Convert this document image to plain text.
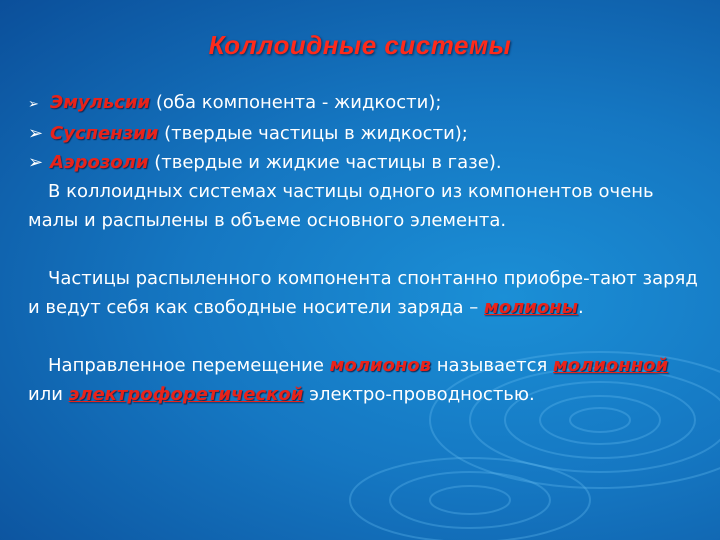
Коллоидные системы
➢ Эмульсии (оба компонента - жидкости);
➢ Суспензии (твердые частицы в жидкости);
➢ Аэрозоли (твердые и жидкие частицы в газе).
В коллоидных системах частицы одного из компонентов очень малы и распылены в объеме основного элемента.
Частицы распыленного компонента спонтанно приобре-тают заряд и ведут себя как свободные носители заряда – молионы.
Направленное перемещение молионов называется молионной или электрофоретической электро-проводностью.
